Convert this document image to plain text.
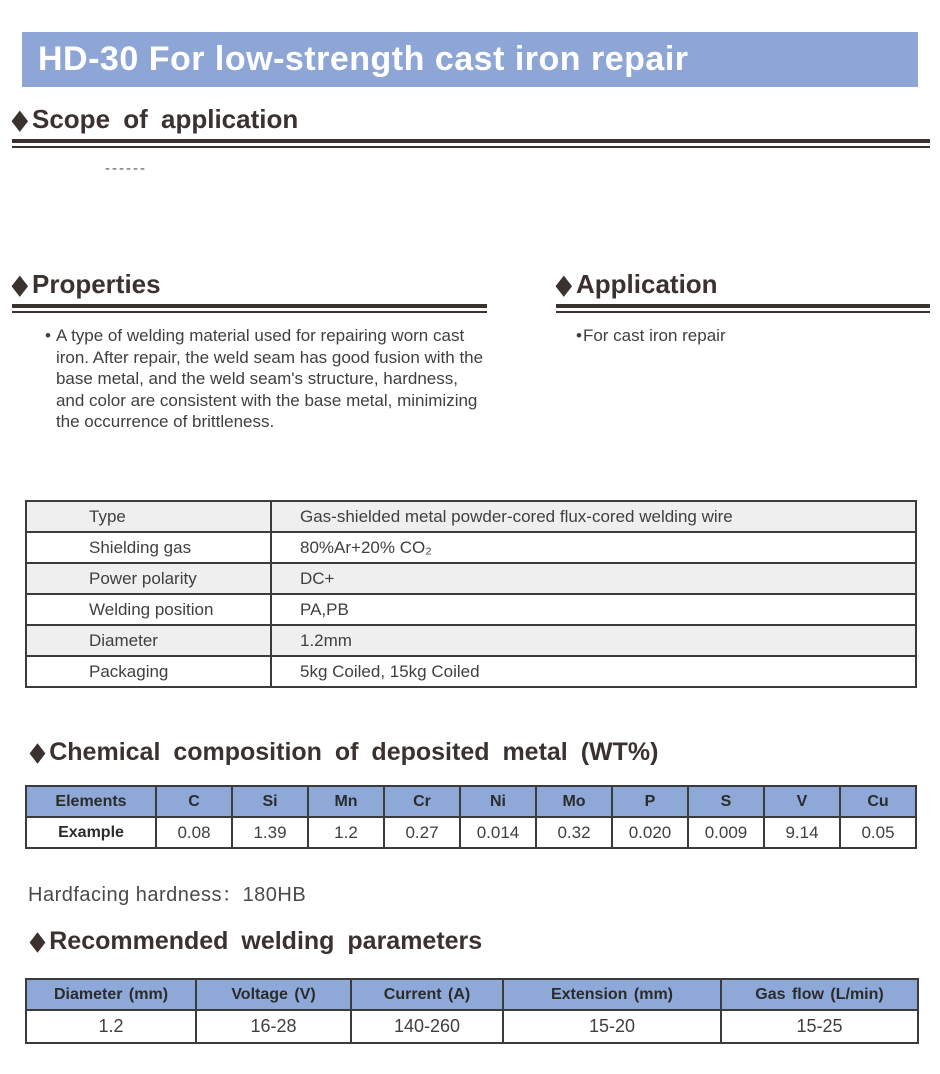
HD-30 For low-strength cast iron repair
◆ Scope of application
------
◆ Properties
• A type of welding material used for repairing worn cast iron. After repair, the weld seam has good fusion with the base metal, and the weld seam's structure, hardness, and color are consistent with the base metal, minimizing the occurrence of brittleness.
◆ Application
• For cast iron repair
Type	Gas-shielded metal powder-cored flux-cored welding wire
Shielding gas	80%Ar+20% CO₂
Power polarity	DC+
Welding position	PA,PB
Diameter	1.2mm
Packaging	5kg Coiled, 15kg Coiled
◆ Chemical composition of deposited metal (WT%)
Elements	C	Si	Mn	Cr	Ni	Mo	P	S	V	Cu
Example	0.08	1.39	1.2	0.27	0.014	0.32	0.020	0.009	9.14	0.05
Hardfacing hardness：180HB
◆ Recommended welding parameters
Diameter (mm)	Voltage (V)	Current (A)	Extension (mm)	Gas flow (L/min)
1.2	16-28	140-260	15-20	15-25
